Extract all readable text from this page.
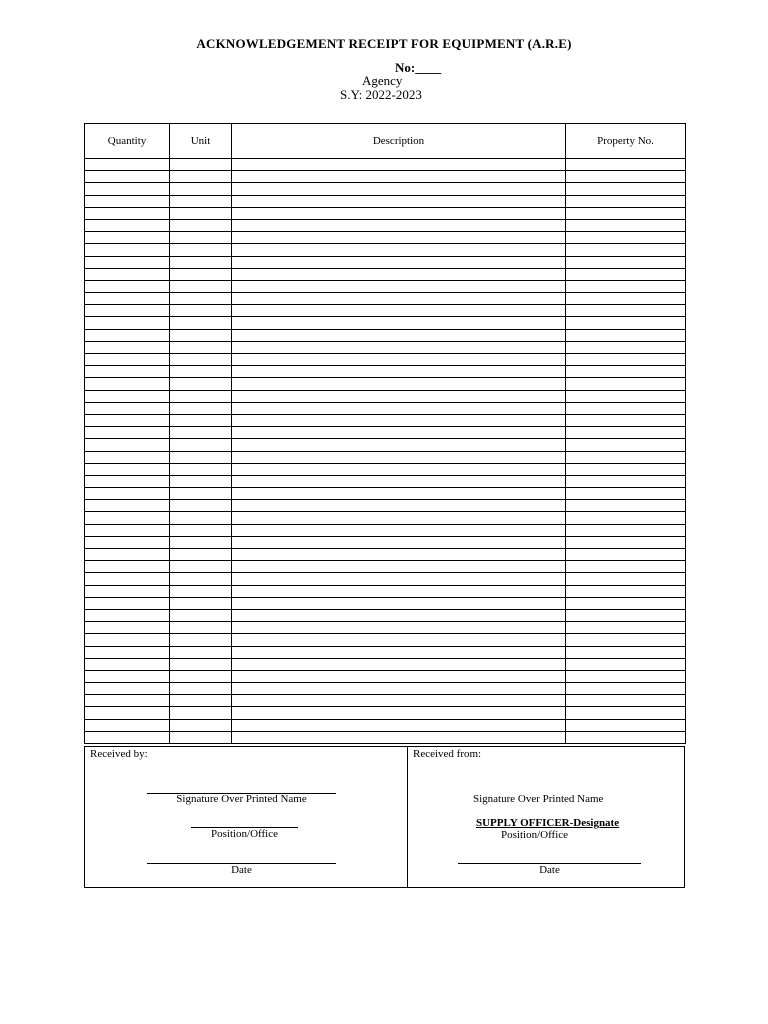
ACKNOWLEDGEMENT RECEIPT FOR EQUIPMENT (A.R.E)
No:____
Agency
S.Y: 2022-2023
Quantity	Unit	Description	Property No.

Received by:
Signature Over Printed Name
Position/Office
Date
Received from:
Signature Over Printed Name
SUPPLY OFFICER-Designate
Position/Office
Date
